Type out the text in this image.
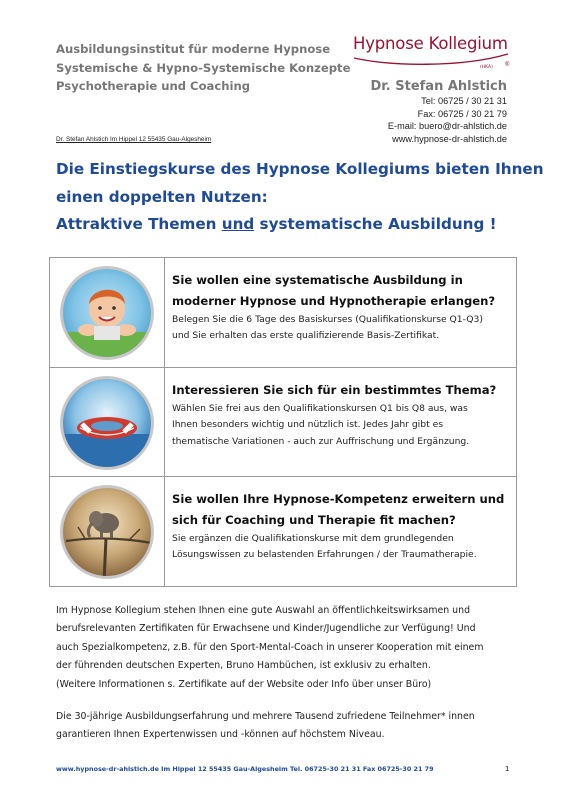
Ausbildungsinstitut für moderne Hypnose
Systemische & Hypno-Systemische Konzepte
Psychotherapie und Coaching
Hypnose Kollegium
(HKA) ®
Dr. Stefan Ahlstich
Tel: 06725 / 30 21 31
Fax: 06725 / 30 21 79
E-mail: buero@dr-ahlstich.de
www.hypnose-dr-ahlstich.de
Dr. Stefan Ahlstich Im Hippel 12 55435 Gau-Algesheim
Die Einstiegskurse des Hypnose Kollegiums bieten Ihnen
einen doppelten Nutzen:
Attraktive Themen und systematische Ausbildung !
Sie wollen eine systematische Ausbildung in
moderner Hypnose und Hypnotherapie erlangen?
Belegen Sie die 6 Tage des Basiskurses (Qualifikationskurse Q1-Q3)
und Sie erhalten das erste qualifizierende Basis-Zertifikat.
Interessieren Sie sich für ein bestimmtes Thema?
Wählen Sie frei aus den Qualifikationskursen Q1 bis Q8 aus, was
Ihnen besonders wichtig und nützlich ist. Jedes Jahr gibt es
thematische Variationen - auch zur Auffrischung und Ergänzung.
Sie wollen Ihre Hypnose-Kompetenz erweitern und
sich für Coaching und Therapie fit machen?
Sie ergänzen die Qualifikationskurse mit dem grundlegenden
Lösungswissen zu belastenden Erfahrungen / der Traumatherapie.
Im Hypnose Kollegium stehen Ihnen eine gute Auswahl an öffentlichkeitswirksamen und
berufsrelevanten Zertifikaten für Erwachsene und Kinder/Jugendliche zur Verfügung! Und
auch Spezialkompetenz, z.B. für den Sport-Mental-Coach in unserer Kooperation mit einem
der führenden deutschen Experten, Bruno Hambüchen, ist exklusiv zu erhalten.
(Weitere Informationen s. Zertifikate auf der Website oder Info über unser Büro)
Die 30-jährige Ausbildungserfahrung und mehrere Tausend zufriedene Teilnehmer* innen
garantieren Ihnen Expertenwissen und -können auf höchstem Niveau.
www.hypnose-dr-ahlstich.de Im Hippel 12 55435 Gau-Algesheim Tel. 06725-30 21 31 Fax 06725-30 21 79	1
